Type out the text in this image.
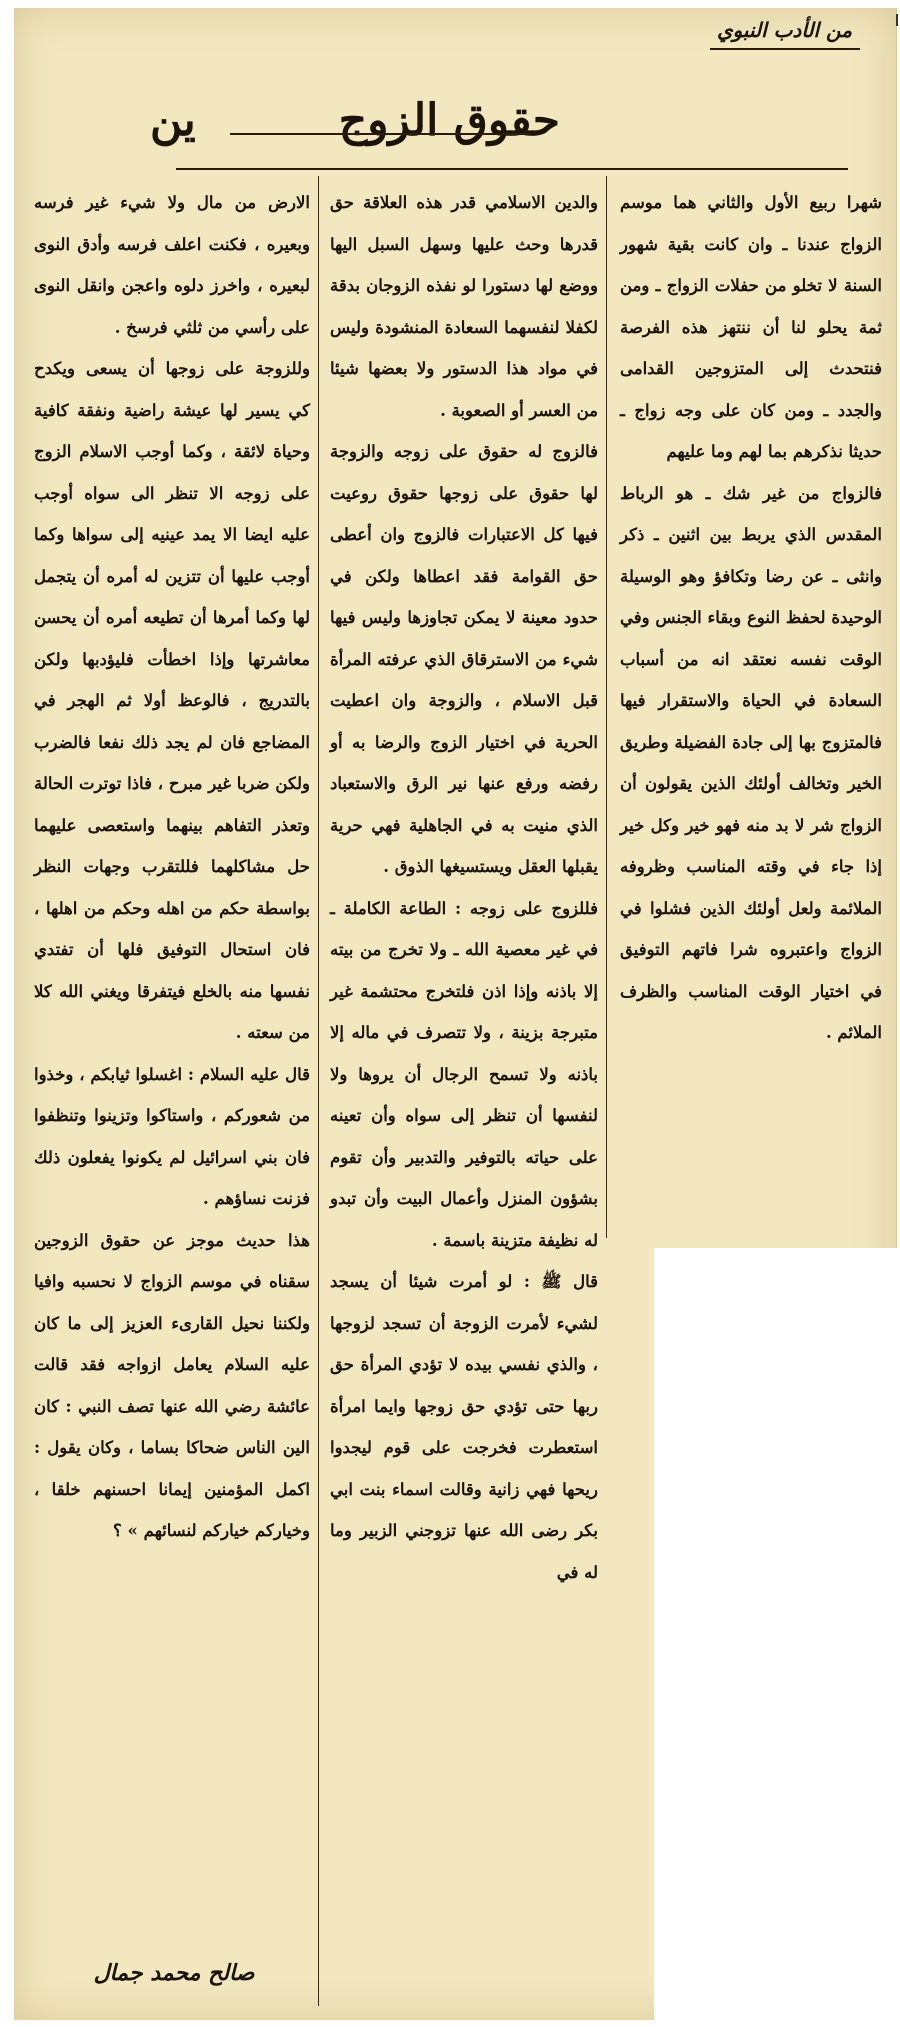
من الأدب النبوي
حقوق الزوج
ين

شهرا ربيع الأول والثاني هما موسم الزواج عندنا ـ وان كانت بقية شهور السنة لا تخلو من حفلات الزواج ـ ومن ثمة يحلو لنا أن ننتهز هذه الفرصة فنتحدث إلى المتزوجين القدامى والجدد ـ ومن كان على وجه زواج ـ حديثا نذكرهم بما لهم وما عليهم

فالزواج من غير شك ـ هو الرباط المقدس الذي يربط بين اثنين ـ ذكر وانثى ـ عن رضا وتكافؤ وهو الوسيلة الوحيدة لحفظ النوع وبقاء الجنس وفي الوقت نفسه نعتقد انه من أسباب السعادة في الحياة والاستقرار فيها فالمتزوج بها إلى جادة الفضيلة وطريق الخير وتخالف أولئك الذين يقولون أن الزواج شر لا بد منه فهو خير وكل خير إذا جاء في وقته المناسب وظروفه الملائمة ولعل أولئك الذين فشلوا في الزواج واعتبروه شرا فاتهم التوفيق في اختيار الوقت المناسب والظرف الملائم .

والدين الاسلامي قدر هذه العلاقة حق قدرها وحث عليها وسهل السبل اليها ووضع لها دستورا لو نفذه الزوجان بدقة لكفلا لنفسهما السعادة المنشودة وليس في مواد هذا الدستور ولا بعضها شيئا من العسر أو الصعوبة .

فالزوج له حقوق على زوجه والزوجة لها حقوق على زوجها حقوق روعيت فيها كل الاعتبارات فالزوج وان أعطى حق القوامة فقد اعطاها ولكن في حدود معينة لا يمكن تجاوزها وليس فيها شيء من الاسترقاق الذي عرفته المرأة قبل الاسلام ، والزوجة وان اعطيت الحرية في اختيار الزوج والرضا به أو رفضه ورفع عنها نير الرق والاستعباد الذي منيت به في الجاهلية فهي حرية يقبلها العقل ويستسيغها الذوق .

فللزوج على زوجه : الطاعة الكاملة ـ في غير معصية الله ـ ولا تخرج من بيته إلا باذنه وإذا اذن فلتخرج محتشمة غير متبرجة بزينة ، ولا تتصرف في ماله إلا باذنه ولا تسمح الرجال أن يروها ولا لنفسها أن تنظر إلى سواه وأن تعينه على حياته بالتوفير والتدبير وأن تقوم بشؤون المنزل وأعمال البيت وأن تبدو له نظيفة متزينة باسمة .

قال ﷺ : لو أمرت شيئا أن يسجد لشيء لأمرت الزوجة أن تسجد لزوجها ، والذي نفسي بيده لا تؤدي المرأة حق ربها حتى تؤدي حق زوجها وايما امرأة استعطرت فخرجت على قوم ليجدوا ريحها فهي زانية وقالت اسماء بنت ابي بكر رضى الله عنها تزوجني الزبير وما له في

الارض من مال ولا شيء غير فرسه وبعيره ، فكنت اعلف فرسه وأدق النوى لبعيره ، واخرز دلوه واعجن وانقل النوى على رأسي من ثلثي فرسخ .

وللزوجة على زوجها أن يسعى ويكدح كي يسير لها عيشة راضية ونفقة كافية وحياة لائقة ، وكما أوجب الاسلام الزوج على زوجه الا تنظر الى سواه أوجب عليه ايضا الا يمد عينيه إلى سواها وكما أوجب عليها أن تتزين له أمره أن يتجمل لها وكما أمرها أن تطيعه أمره أن يحسن معاشرتها وإذا اخطأت فليؤدبها ولكن بالتدريج ، فالوعظ أولا ثم الهجر في المضاجع فان لم يجد ذلك نفعا فالضرب ولكن ضربا غير مبرح ، فاذا توترت الحالة وتعذر التفاهم بينهما واستعصى عليهما حل مشاكلهما فللتقرب وجهات النظر بواسطة حكم من اهله وحكم من اهلها ، فان استحال التوفيق فلها أن تفتدي نفسها منه بالخلع فيتفرقا ويغني الله كلا من سعته .

قال عليه السلام : اغسلوا ثيابكم ، وخذوا من شعوركم ، واستاكوا وتزينوا وتنظفوا فان بني اسرائيل لم يكونوا يفعلون ذلك فزنت نساؤهم .

هذا حديث موجز عن حقوق الزوجين سقناه في موسم الزواج لا نحسبه وافيا ولكننا نحيل القارىء العزيز إلى ما كان عليه السلام يعامل ازواجه فقد قالت عائشة رضي الله عنها تصف النبي : كان الين الناس ضحاكا بساما ، وكان يقول : اكمل المؤمنين إيمانا احسنهم خلقا ، وخياركم خياركم لنسائهم » ؟

صالح محمد جمال
